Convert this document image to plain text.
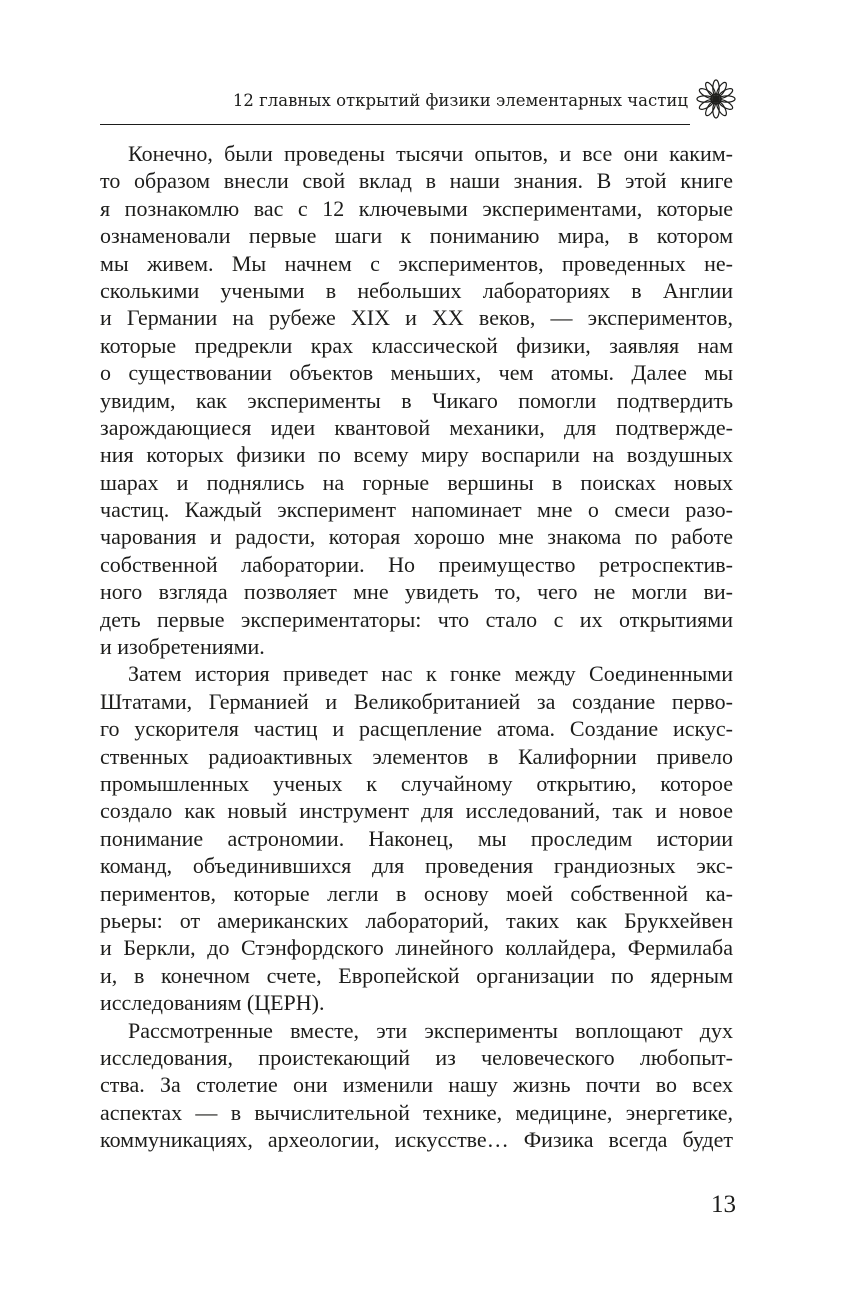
12 главных открытий физики элементарных частиц
Конечно, были проведены тысячи опытов, и все они каким-
то образом внесли свой вклад в наши знания. В этой книге
я познакомлю вас с 12 ключевыми экспериментами, которые
ознаменовали первые шаги к пониманию мира, в котором
мы живем. Мы начнем с экспериментов, проведенных не-
сколькими учеными в небольших лабораториях в Англии
и Германии на рубеже XIX и XX веков, — экспериментов,
которые предрекли крах классической физики, заявляя нам
о существовании объектов меньших, чем атомы. Далее мы
увидим, как эксперименты в Чикаго помогли подтвердить
зарождающиеся идеи квантовой механики, для подтвержде-
ния которых физики по всему миру воспарили на воздушных
шарах и поднялись на горные вершины в поисках новых
частиц. Каждый эксперимент напоминает мне о смеси разо-
чарования и радости, которая хорошо мне знакома по работе
собственной лаборатории. Но преимущество ретроспектив-
ного взгляда позволяет мне увидеть то, чего не могли ви-
деть первые экспериментаторы: что стало с их открытиями
и изобретениями.
Затем история приведет нас к гонке между Соединенными
Штатами, Германией и Великобританией за создание перво-
го ускорителя частиц и расщепление атома. Создание искус-
ственных радиоактивных элементов в Калифорнии привело
промышленных ученых к случайному открытию, которое
создало как новый инструмент для исследований, так и новое
понимание астрономии. Наконец, мы проследим истории
команд, объединившихся для проведения грандиозных экс-
периментов, которые легли в основу моей собственной ка-
рьеры: от американских лабораторий, таких как Брукхейвен
и Беркли, до Стэнфордского линейного коллайдера, Фермилаба
и, в конечном счете, Европейской организации по ядерным
исследованиям (ЦЕРН).
Рассмотренные вместе, эти эксперименты воплощают дух
исследования, проистекающий из человеческого любопыт-
ства. За столетие они изменили нашу жизнь почти во всех
аспектах — в вычислительной технике, медицине, энергетике,
коммуникациях, археологии, искусстве… Физика всегда будет
13
